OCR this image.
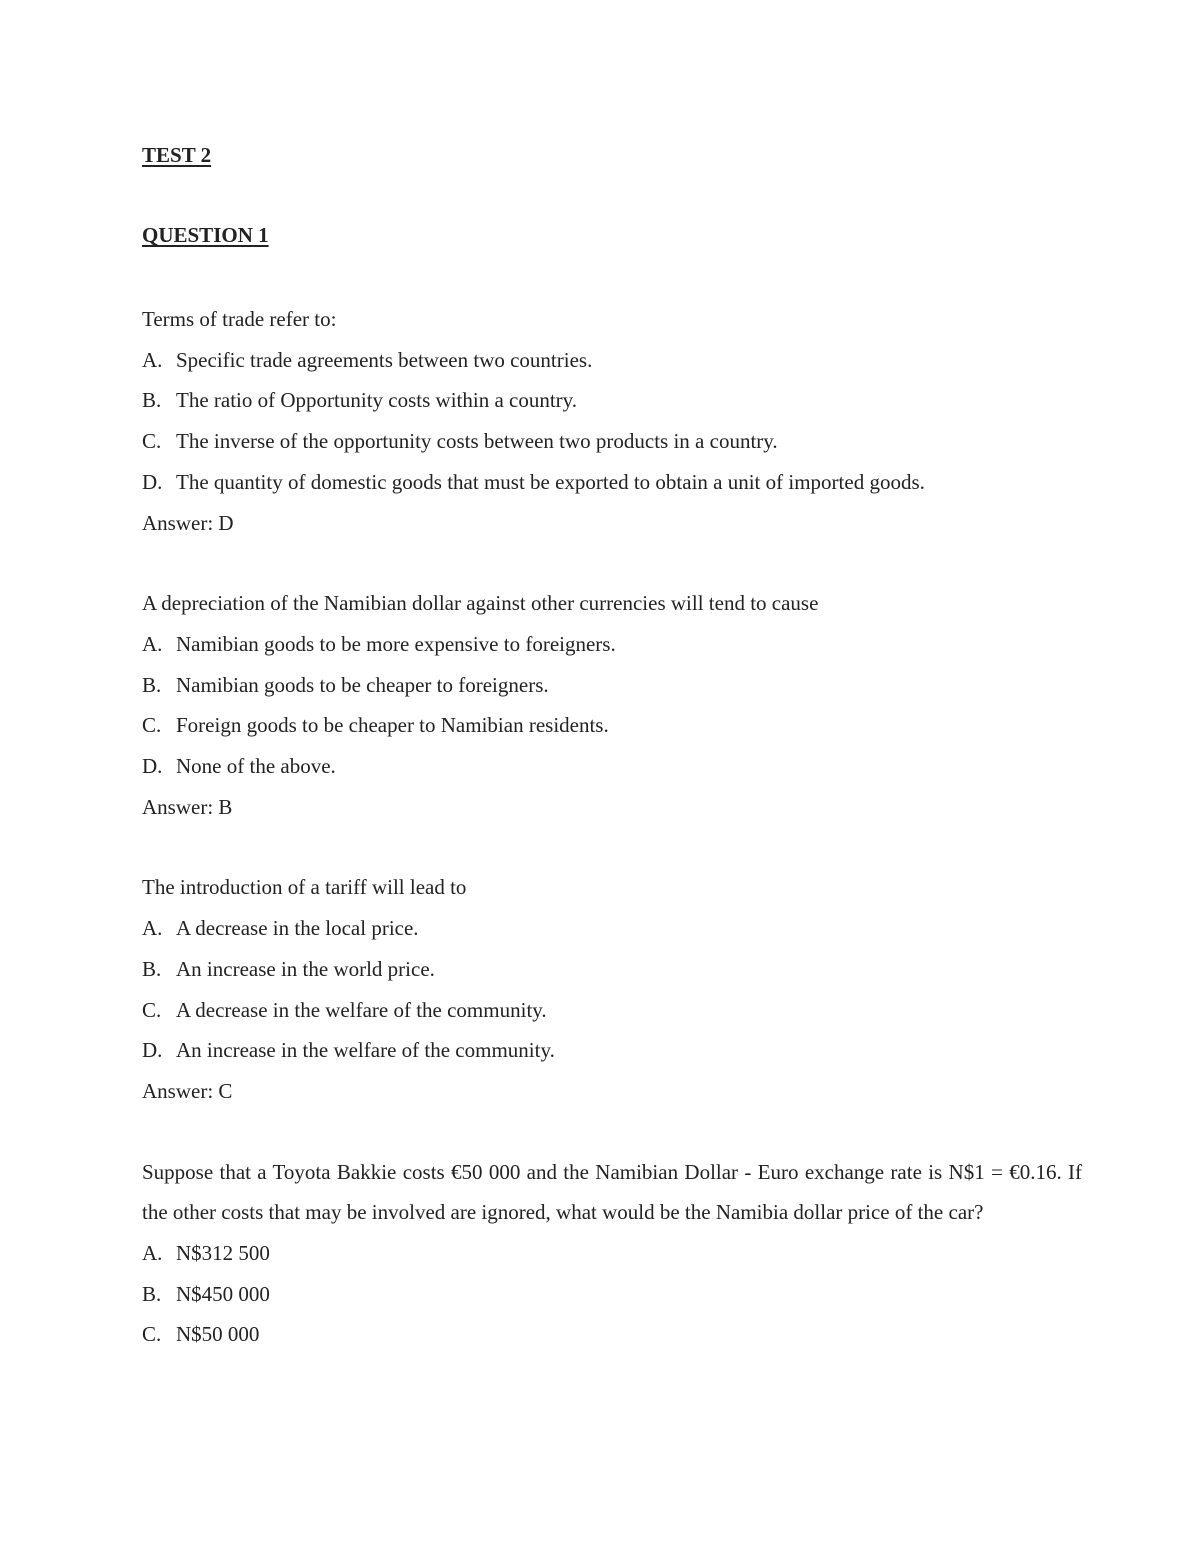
TEST 2
QUESTION 1
Terms of trade refer to:
A. Specific trade agreements between two countries.
B. The ratio of Opportunity costs within a country.
C. The inverse of the opportunity costs between two products in a country.
D. The quantity of domestic goods that must be exported to obtain a unit of imported goods.
Answer: D
A depreciation of the Namibian dollar against other currencies will tend to cause
A. Namibian goods to be more expensive to foreigners.
B. Namibian goods to be cheaper to foreigners.
C. Foreign goods to be cheaper to Namibian residents.
D. None of the above.
Answer: B
The introduction of a tariff will lead to
A. A decrease in the local price.
B. An increase in the world price.
C. A decrease in the welfare of the community.
D. An increase in the welfare of the community.
Answer: C
Suppose that a Toyota Bakkie costs €50 000 and the Namibian Dollar - Euro exchange rate is N$1 = €0.16. If the other costs that may be involved are ignored, what would be the Namibia dollar price of the car?
A. N$312 500
B. N$450 000
C. N$50 000
